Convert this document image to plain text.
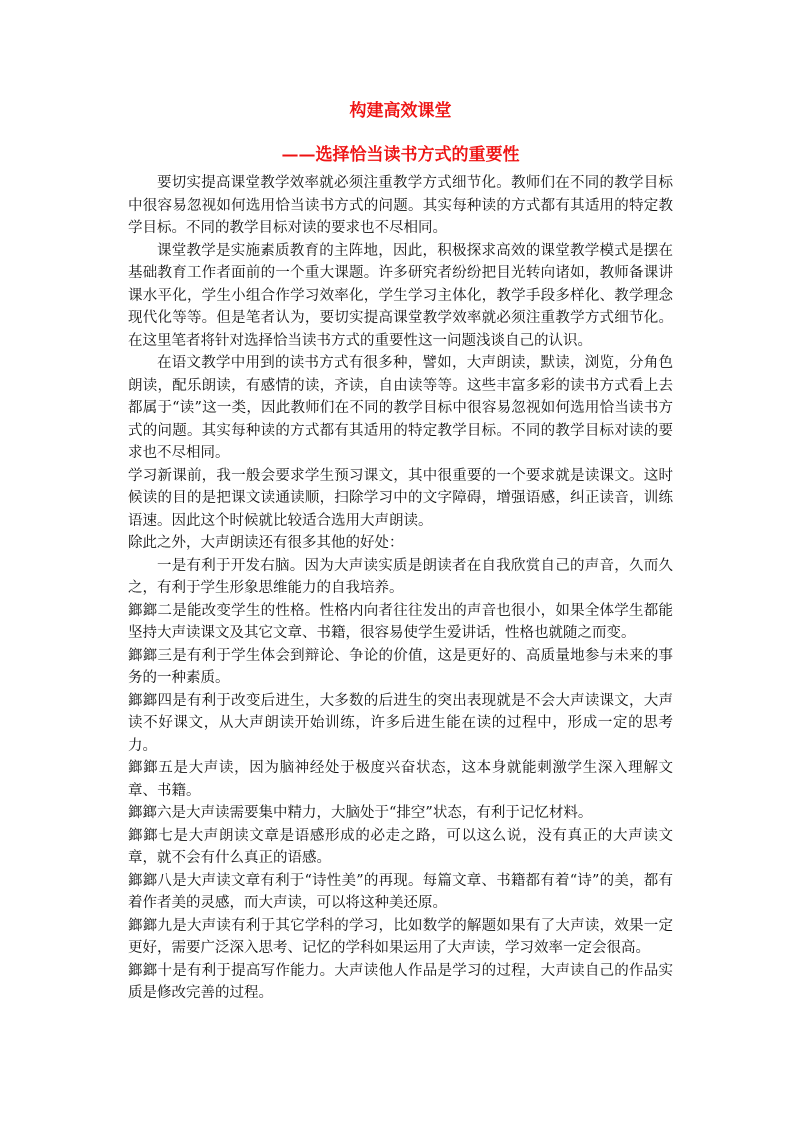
构建高效课堂
——选择恰当读书方式的重要性

要切实提高课堂教学效率就必须注重教学方式细节化。教师们在不同的教学目标中很容易忽视如何选用恰当读书方式的问题。其实每种读的方式都有其适用的特定教学目标。不同的教学目标对读的要求也不尽相同。

课堂教学是实施素质教育的主阵地，因此，积极探求高效的课堂教学模式是摆在基础教育工作者面前的一个重大课题。许多研究者纷纷把目光转向诸如，教师备课讲课水平化，学生小组合作学习效率化，学生学习主体化，教学手段多样化、教学理念现代化等等。但是笔者认为，要切实提高课堂教学效率就必须注重教学方式细节化。在这里笔者将针对选择恰当读书方式的重要性这一问题浅谈自己的认识。

在语文教学中用到的读书方式有很多种，譬如，大声朗读，默读，浏览，分角色朗读，配乐朗读，有感情的读，齐读，自由读等等。这些丰富多彩的读书方式看上去都属于“读”这一类，因此教师们在不同的教学目标中很容易忽视如何选用恰当读书方式的问题。其实每种读的方式都有其适用的特定教学目标。不同的教学目标对读的要求也不尽相同。

学习新课前，我一般会要求学生预习课文，其中很重要的一个要求就是读课文。这时候读的目的是把课文读通读顺，扫除学习中的文字障碍，增强语感，纠正读音，训练语速。因此这个时候就比较适合选用大声朗读。

除此之外，大声朗读还有很多其他的好处：

一是有利于开发右脑。因为大声读实质是朗读者在自我欣赏自己的声音，久而久之，有利于学生形象思维能力的自我培养。

鎯鎯二是能改变学生的性格。性格内向者往往发出的声音也很小，如果全体学生都能坚持大声读课文及其它文章、书籍，很容易使学生爱讲话，性格也就随之而变。

鎯鎯三是有利于学生体会到辩论、争论的价值，这是更好的、高质量地参与未来的事务的一种素质。

鎯鎯四是有利于改变后进生，大多数的后进生的突出表现就是不会大声读课文，大声读不好课文，从大声朗读开始训练，许多后进生能在读的过程中，形成一定的思考力。

鎯鎯五是大声读，因为脑神经处于极度兴奋状态，这本身就能刺激学生深入理解文章、书籍。

鎯鎯六是大声读需要集中精力，大脑处于“排空”状态，有利于记忆材料。

鎯鎯七是大声朗读文章是语感形成的必走之路，可以这么说，没有真正的大声读文章，就不会有什么真正的语感。

鎯鎯八是大声读文章有利于“诗性美”的再现。每篇文章、书籍都有着“诗”的美，都有着作者美的灵感，而大声读，可以将这种美还原。

鎯鎯九是大声读有利于其它学科的学习，比如数学的解题如果有了大声读，效果一定更好，需要广泛深入思考、记忆的学科如果运用了大声读，学习效率一定会很高。

鎯鎯十是有利于提高写作能力。大声读他人作品是学习的过程，大声读自己的作品实质是修改完善的过程。
